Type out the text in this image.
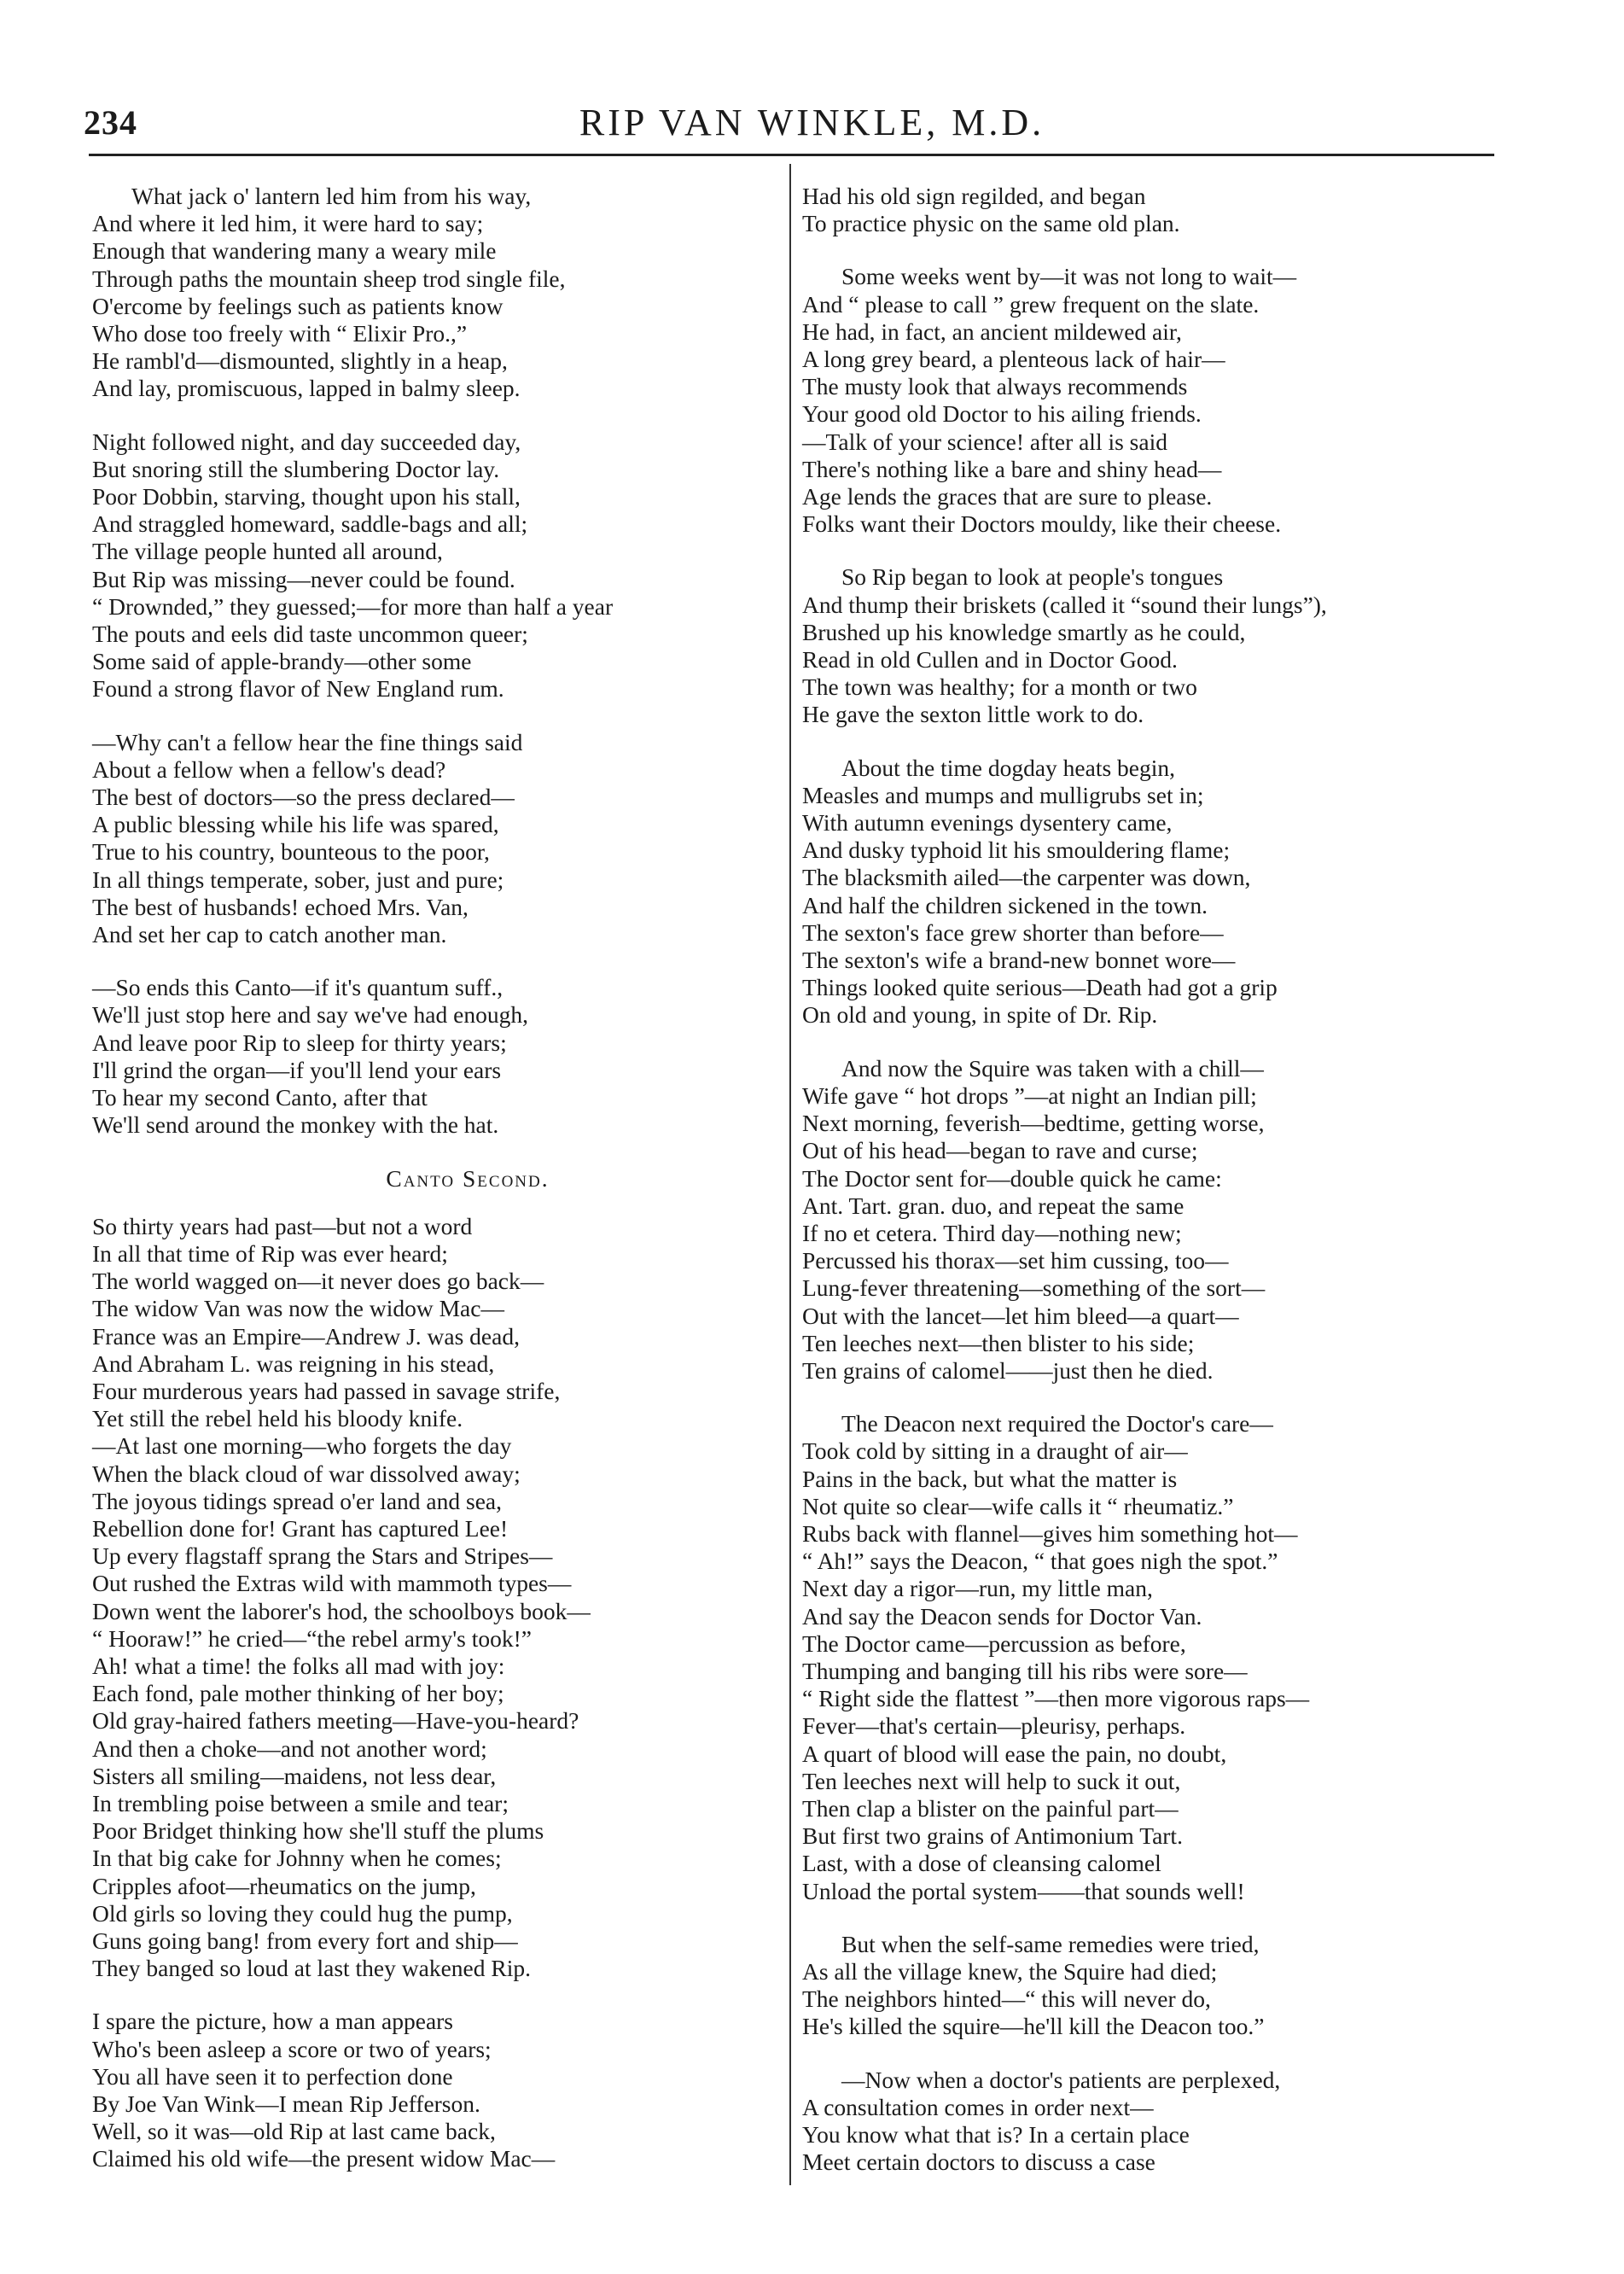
234	RIP VAN WINKLE, M.D.
What jack o' lantern led him from his way,
And where it led him, it were hard to say;
Enough that wandering many a weary mile
Through paths the mountain sheep trod single file,
O'ercome by feelings such as patients know
Who dose too freely with “ Elixir Pro.,”
He rambl'd—dismounted, slightly in a heap,
And lay, promiscuous, lapped in balmy sleep.
Night followed night, and day succeeded day,
But snoring still the slumbering Doctor lay.
Poor Dobbin, starving, thought upon his stall,
And straggled homeward, saddle-bags and all;
The village people hunted all around,
But Rip was missing—never could be found.
“ Drownded,” they guessed;—for more than half a year
The pouts and eels did taste uncommon queer;
Some said of apple-brandy—other some
Found a strong flavor of New England rum.
—Why can't a fellow hear the fine things said
About a fellow when a fellow's dead?
The best of doctors—so the press declared—
A public blessing while his life was spared,
True to his country, bounteous to the poor,
In all things temperate, sober, just and pure;
The best of husbands! echoed Mrs. Van,
And set her cap to catch another man.
—So ends this Canto—if it's quantum suff.,
We'll just stop here and say we've had enough,
And leave poor Rip to sleep for thirty years;
I'll grind the organ—if you'll lend your ears
To hear my second Canto, after that
We'll send around the monkey with the hat.
Canto Second.
So thirty years had past—but not a word
In all that time of Rip was ever heard;
The world wagged on—it never does go back—
The widow Van was now the widow Mac—
France was an Empire—Andrew J. was dead,
And Abraham L. was reigning in his stead,
Four murderous years had passed in savage strife,
Yet still the rebel held his bloody knife.
—At last one morning—who forgets the day
When the black cloud of war dissolved away;
The joyous tidings spread o'er land and sea,
Rebellion done for! Grant has captured Lee!
Up every flagstaff sprang the Stars and Stripes—
Out rushed the Extras wild with mammoth types—
Down went the laborer's hod, the schoolboys book—
“ Hooraw!” he cried—“the rebel army's took!”
Ah! what a time! the folks all mad with joy:
Each fond, pale mother thinking of her boy;
Old gray-haired fathers meeting—Have-you-heard?
And then a choke—and not another word;
Sisters all smiling—maidens, not less dear,
In trembling poise between a smile and tear;
Poor Bridget thinking how she'll stuff the plums
In that big cake for Johnny when he comes;
Cripples afoot—rheumatics on the jump,
Old girls so loving they could hug the pump,
Guns going bang! from every fort and ship—
They banged so loud at last they wakened Rip.
I spare the picture, how a man appears
Who's been asleep a score or two of years;
You all have seen it to perfection done
By Joe Van Wink—I mean Rip Jefferson.
Well, so it was—old Rip at last came back,
Claimed his old wife—the present widow Mac—
Had his old sign regilded, and began
To practice physic on the same old plan.
Some weeks went by—it was not long to wait—
And “ please to call ” grew frequent on the slate.
He had, in fact, an ancient mildewed air,
A long grey beard, a plenteous lack of hair—
The musty look that always recommends
Your good old Doctor to his ailing friends.
—Talk of your science! after all is said
There's nothing like a bare and shiny head—
Age lends the graces that are sure to please.
Folks want their Doctors mouldy, like their cheese.
So Rip began to look at people's tongues
And thump their briskets (called it “sound their lungs”),
Brushed up his knowledge smartly as he could,
Read in old Cullen and in Doctor Good.
The town was healthy; for a month or two
He gave the sexton little work to do.
About the time dogday heats begin,
Measles and mumps and mulligrubs set in;
With autumn evenings dysentery came,
And dusky typhoid lit his smouldering flame;
The blacksmith ailed—the carpenter was down,
And half the children sickened in the town.
The sexton's face grew shorter than before—
The sexton's wife a brand-new bonnet wore—
Things looked quite serious—Death had got a grip
On old and young, in spite of Dr. Rip.
And now the Squire was taken with a chill—
Wife gave “ hot drops ”—at night an Indian pill;
Next morning, feverish—bedtime, getting worse,
Out of his head—began to rave and curse;
The Doctor sent for—double quick he came:
Ant. Tart. gran. duo, and repeat the same
If no et cetera. Third day—nothing new;
Percussed his thorax—set him cussing, too—
Lung-fever threatening—something of the sort—
Out with the lancet—let him bleed—a quart—
Ten leeches next—then blister to his side;
Ten grains of calomel——just then he died.
The Deacon next required the Doctor's care—
Took cold by sitting in a draught of air—
Pains in the back, but what the matter is
Not quite so clear—wife calls it “ rheumatiz.”
Rubs back with flannel—gives him something hot—
“ Ah!” says the Deacon, “ that goes nigh the spot.”
Next day a rigor—run, my little man,
And say the Deacon sends for Doctor Van.
The Doctor came—percussion as before,
Thumping and banging till his ribs were sore—
“ Right side the flattest ”—then more vigorous raps—
Fever—that's certain—pleurisy, perhaps.
A quart of blood will ease the pain, no doubt,
Ten leeches next will help to suck it out,
Then clap a blister on the painful part—
But first two grains of Antimonium Tart.
Last, with a dose of cleansing calomel
Unload the portal system——that sounds well!
But when the self-same remedies were tried,
As all the village knew, the Squire had died;
The neighbors hinted—“ this will never do,
He's killed the squire—he'll kill the Deacon too.”
—Now when a doctor's patients are perplexed,
A consultation comes in order next—
You know what that is? In a certain place
Meet certain doctors to discuss a case
